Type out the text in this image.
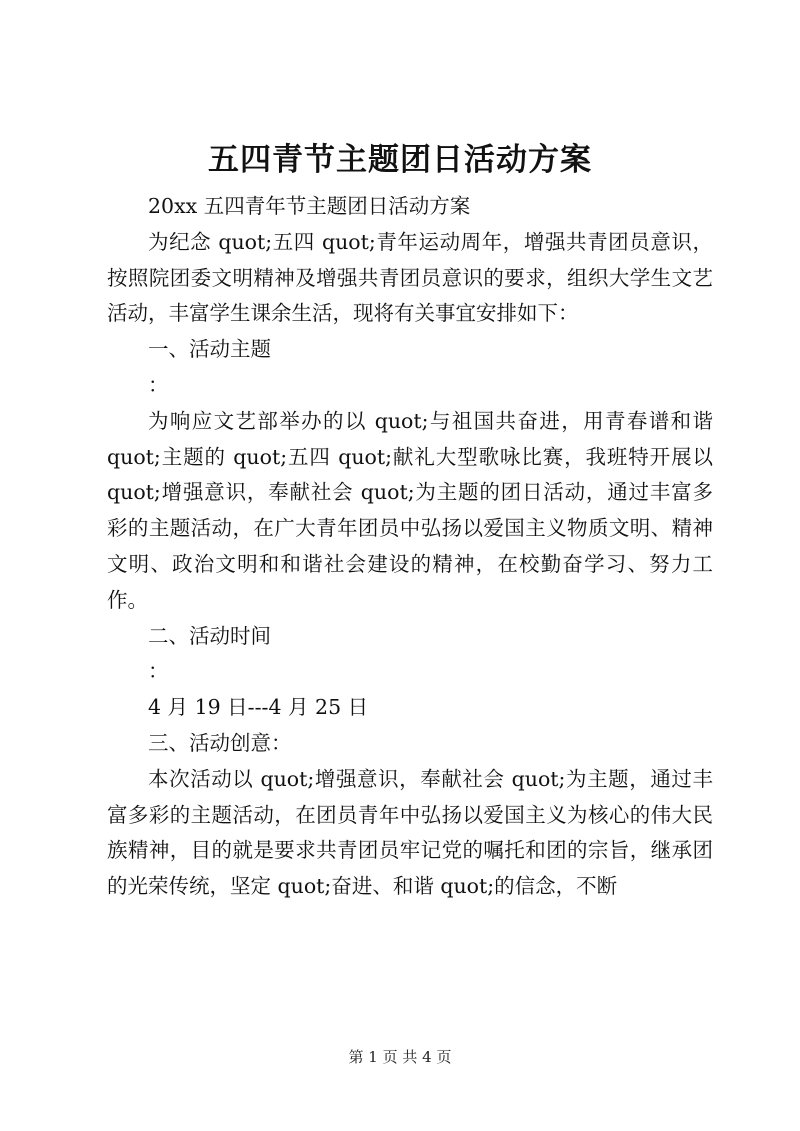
五四青节主题团日活动方案

20xx 五四青年节主题团日活动方案

为纪念 quot;五四 quot;青年运动周年，增强共青团员意识，按照院团委文明精神及增强共青团员意识的要求，组织大学生文艺活动，丰富学生课余生活，现将有关事宜安排如下：

一、活动主题

：

为响应文艺部举办的以 quot;与祖国共奋进，用青春谱和谐 quot;主题的 quot;五四 quot;献礼大型歌咏比赛，我班特开展以 quot;增强意识，奉献社会 quot;为主题的团日活动，通过丰富多彩的主题活动，在广大青年团员中弘扬以爱国主义物质文明、精神文明、政治文明和和谐社会建设的精神，在校勤奋学习、努力工作。

二、活动时间

：

4 月 19 日---4 月 25 日

三、活动创意：

本次活动以 quot;增强意识，奉献社会 quot;为主题，通过丰富多彩的主题活动，在团员青年中弘扬以爱国主义为核心的伟大民族精神，目的就是要求共青团员牢记党的嘱托和团的宗旨，继承团的光荣传统，坚定 quot;奋进、和谐 quot;的信念，不断

第 1 页 共 4 页
